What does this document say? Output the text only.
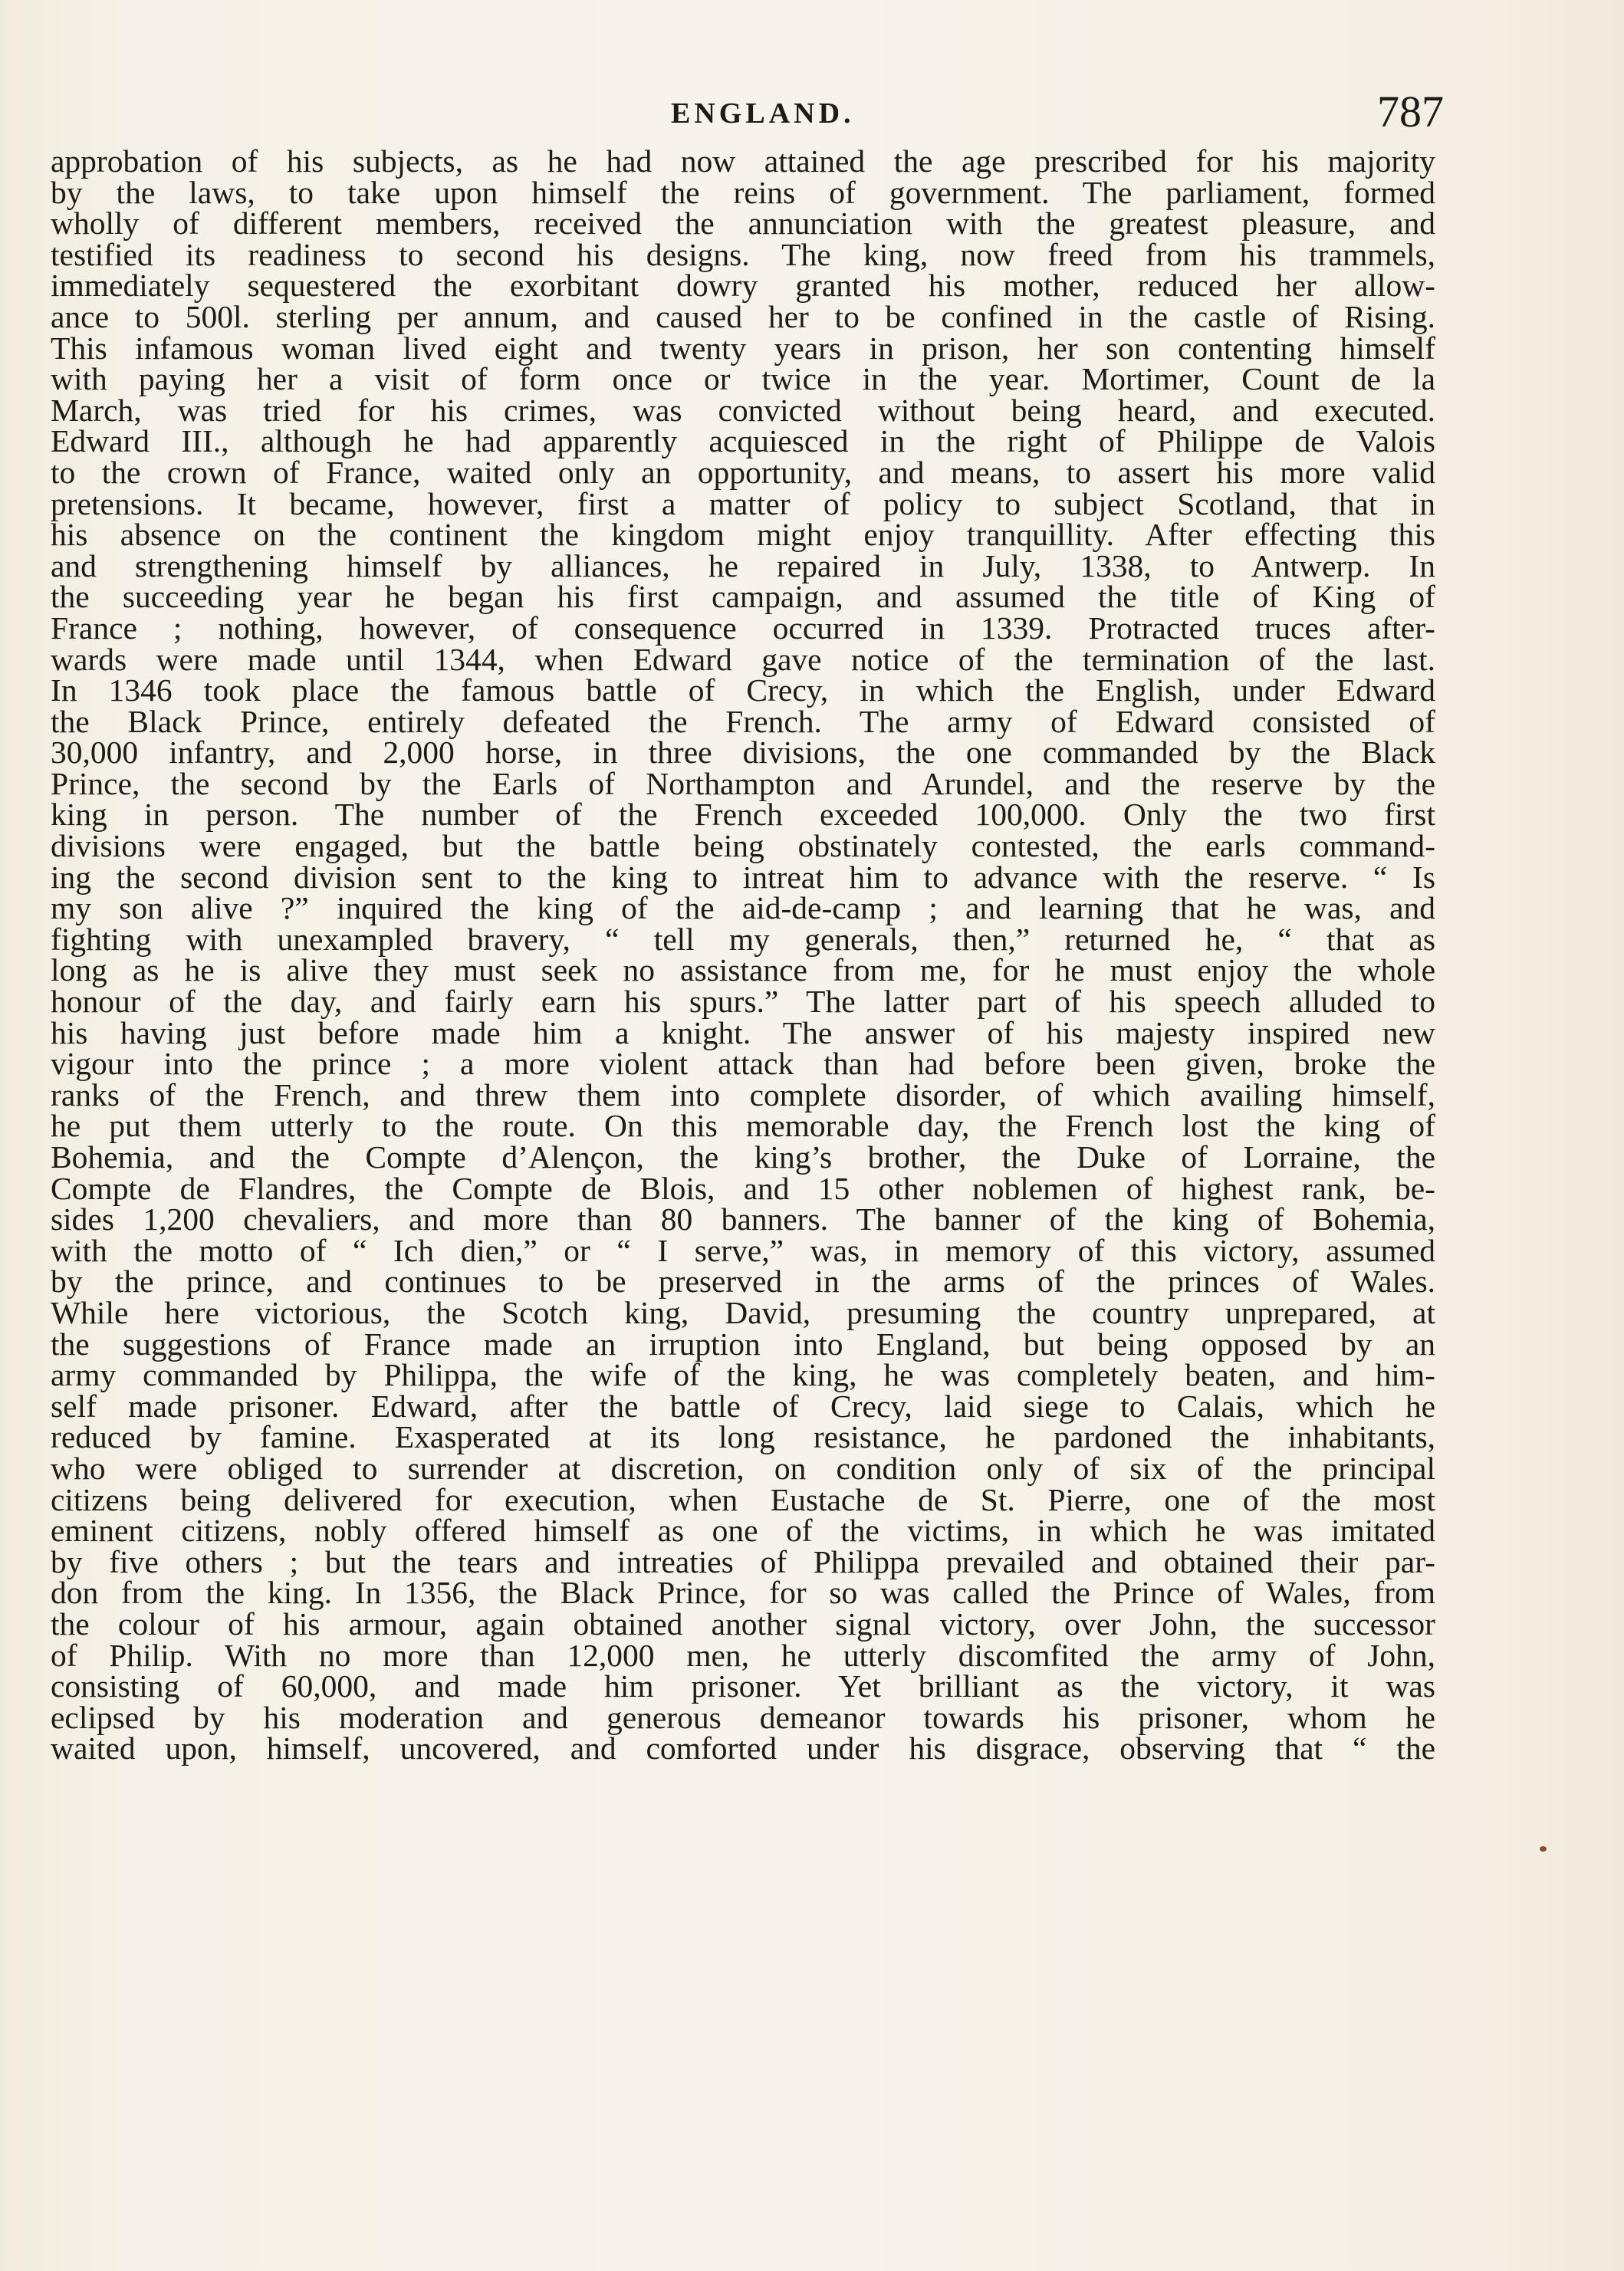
ENGLAND.	787
approbation of his subjects, as he had now attained the age prescribed for his majority
by the laws, to take upon himself the reins of government. The parliament, formed
wholly of different members, received the annunciation with the greatest pleasure, and
testified its readiness to second his designs. The king, now freed from his trammels,
immediately sequestered the exorbitant dowry granted his mother, reduced her allow-
ance to 500l. sterling per annum, and caused her to be confined in the castle of Rising.
This infamous woman lived eight and twenty years in prison, her son contenting himself
with paying her a visit of form once or twice in the year. Mortimer, Count de la
March, was tried for his crimes, was convicted without being heard, and executed.
Edward III., although he had apparently acquiesced in the right of Philippe de Valois
to the crown of France, waited only an opportunity, and means, to assert his more valid
pretensions. It became, however, first a matter of policy to subject Scotland, that in
his absence on the continent the kingdom might enjoy tranquillity. After effecting this
and strengthening himself by alliances, he repaired in July, 1338, to Antwerp. In
the succeeding year he began his first campaign, and assumed the title of King of
France ; nothing, however, of consequence occurred in 1339. Protracted truces after-
wards were made until 1344, when Edward gave notice of the termination of the last.
In 1346 took place the famous battle of Crecy, in which the English, under Edward
the Black Prince, entirely defeated the French. The army of Edward consisted of
30,000 infantry, and 2,000 horse, in three divisions, the one commanded by the Black
Prince, the second by the Earls of Northampton and Arundel, and the reserve by the
king in person. The number of the French exceeded 100,000. Only the two first
divisions were engaged, but the battle being obstinately contested, the earls command-
ing the second division sent to the king to intreat him to advance with the reserve. “ Is
my son alive ?” inquired the king of the aid-de-camp ; and learning that he was, and
fighting with unexampled bravery, “ tell my generals, then,” returned he, “ that as
long as he is alive they must seek no assistance from me, for he must enjoy the whole
honour of the day, and fairly earn his spurs.” The latter part of his speech alluded to
his having just before made him a knight. The answer of his majesty inspired new
vigour into the prince ; a more violent attack than had before been given, broke the
ranks of the French, and threw them into complete disorder, of which availing himself,
he put them utterly to the route. On this memorable day, the French lost the king of
Bohemia, and the Compte d’Alençon, the king’s brother, the Duke of Lorraine, the
Compte de Flandres, the Compte de Blois, and 15 other noblemen of highest rank, be-
sides 1,200 chevaliers, and more than 80 banners. The banner of the king of Bohemia,
with the motto of “ Ich dien,” or “ I serve,” was, in memory of this victory, assumed
by the prince, and continues to be preserved in the arms of the princes of Wales.
While here victorious, the Scotch king, David, presuming the country unprepared, at
the suggestions of France made an irruption into England, but being opposed by an
army commanded by Philippa, the wife of the king, he was completely beaten, and him-
self made prisoner. Edward, after the battle of Crecy, laid siege to Calais, which he
reduced by famine. Exasperated at its long resistance, he pardoned the inhabitants,
who were obliged to surrender at discretion, on condition only of six of the principal
citizens being delivered for execution, when Eustache de St. Pierre, one of the most
eminent citizens, nobly offered himself as one of the victims, in which he was imitated
by five others ; but the tears and intreaties of Philippa prevailed and obtained their par-
don from the king. In 1356, the Black Prince, for so was called the Prince of Wales, from
the colour of his armour, again obtained another signal victory, over John, the successor
of Philip. With no more than 12,000 men, he utterly discomfited the army of John,
consisting of 60,000, and made him prisoner. Yet brilliant as the victory, it was
eclipsed by his moderation and generous demeanor towards his prisoner, whom he
waited upon, himself, uncovered, and comforted under his disgrace, observing that “ the
